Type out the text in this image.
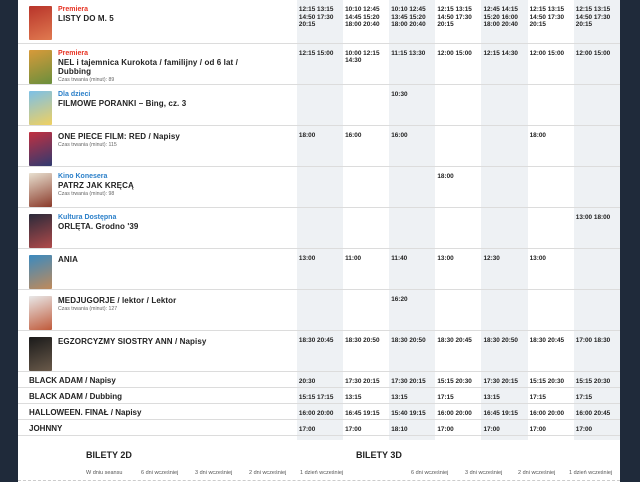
Premiera
LISTY DO M. 5	12:15 13:15
14:50 17:30
20:15	10:10 12:45
14:45 15:20
18:00 20:40	10:10 12:45
13:45 15:20
18:00 20:40	12:15 13:15
14:50 17:30
20:15	12:45 14:15
15:20 16:00
18:00 20:40	12:15 13:15
14:50 17:30
20:15	12:15 13:15
14:50 17:30
20:15

Premiera
NEL i tajemnica Kurokota / familijny / od 6 lat /
Dubbing
Czas trwania (minut): 89	12:15 15:00	10:00 12:15
14:30	11:15 13:30	12:00 15:00	12:15 14:30	12:00 15:00	12:00 15:00

Dla dzieci
FILMOWE PORANKI – Bing, cz. 3			10:30				

ONE PIECE FILM: RED / Napisy
Czas trwania (minut): 115	18:00	16:00	16:00			18:00	

Kino Konesera
PATRZ JAK KRĘCĄ
Czas trwania (minut): 98				18:00			

Kultura Dostępna
ORLĘTA. Grodno '39							13:00 18:00

ANIA	13:00	11:00	11:40	13:00	12:30	13:00	

MEDJUGORJE / lektor / Lektor
Czas trwania (minut): 127			16:20				

EGZORCYZMY SIOSTRY ANN / Napisy	18:30 20:45	18:30 20:50	18:30 20:50	18:30 20:45	18:30 20:50	18:30 20:45	17:00 18:30

BLACK ADAM / Napisy	20:30	17:30 20:15	17:30 20:15	15:15 20:30	17:30 20:15	15:15 20:30	15:15 20:30

BLACK ADAM / Dubbing	15:15 17:15	13:15	13:15	17:15	13:15	17:15	17:15

HALLOWEEN. FINAŁ / Napisy	16:00 20:00	16:45 19:15	15:40 19:15	16:00 20:00	16:45 19:15	16:00 20:00	16:00 20:45

JOHNNY	17:00	17:00	18:10	17:00	17:00	17:00	17:00

BILETY 2D	BILETY 3D
W dniu seansu	6 dni wcześniej	3 dni wcześniej	2 dni wcześniej 1 dzień wcześniej	6 dni wcześniej	3 dni wcześniej	2 dni wcześniej 1 dzień wcześniej
